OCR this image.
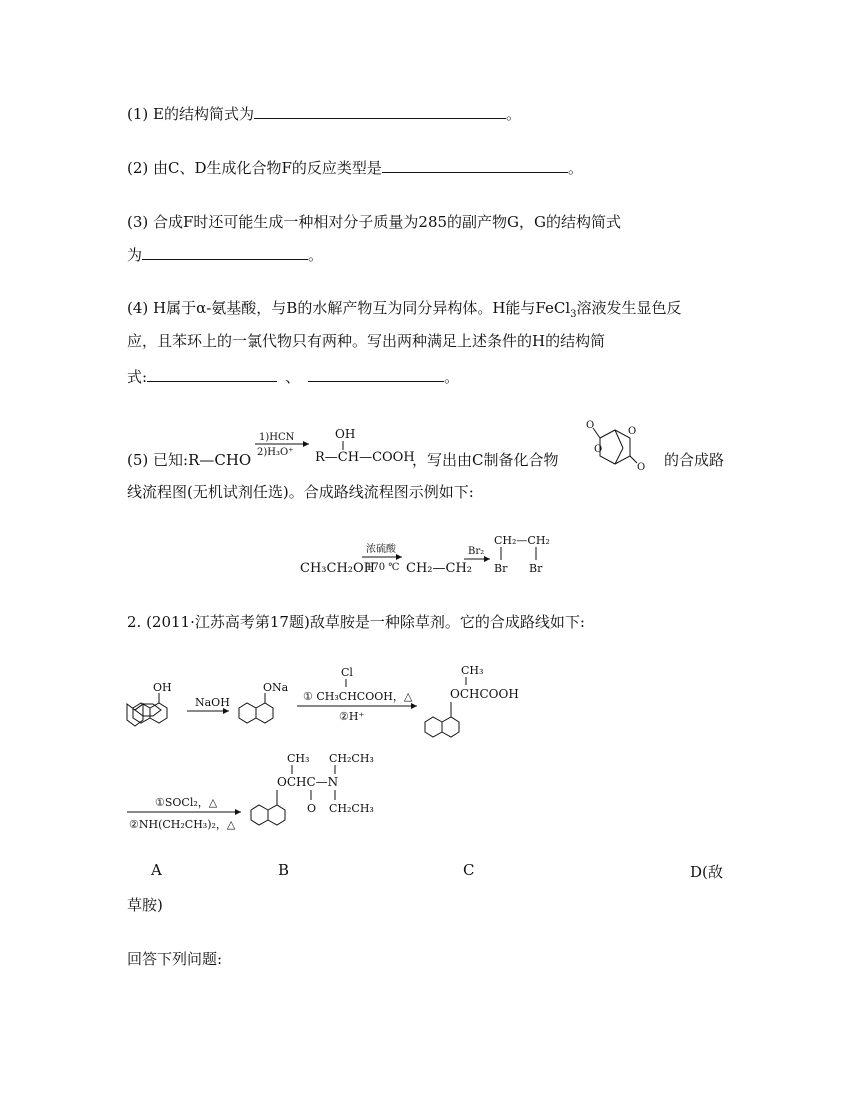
(1) E的结构简式为	。
(2) 由C、D生成化合物F的反应类型是	。
(3) 合成F时还可能生成一种相对分子质量为285的副产物G，G的结构简式
为	。
(4) H属于α-氨基酸，与B的水解产物互为同分异构体。H能与FeCl$_3$溶液发生显色反
应，且苯环上的一氯代物只有两种。写出两种满足上述条件的H的结构简
式:	、	。
(5) 已知:R—CHO
1)HCN
2)H₃O⁺
OH
R—CH—COOH
，写出由C制备化合物
O
O
O
O
的合成路
线流程图(无机试剂任选)。合成路线流程图示例如下:
CH₃CH₂OH
浓硫酸
170 ℃ CH₂—CH₂
Br₂
CH₂—CH₂
Br Br
2. (2011·江苏高考第17题)敌草胺是一种除草剂。它的合成路线如下:
OH
NaOH
ONa
Cl
① CH₃CHCOOH，△
②H⁺
CH₃
OCHCOOH
①SOCl₂，△
②NH(CH₂CH₃)₂，△
CH₃ CH₂CH₃
OCHC—N
O CH₂CH₃
A	B	C	D(敌
草胺)
回答下列问题:
